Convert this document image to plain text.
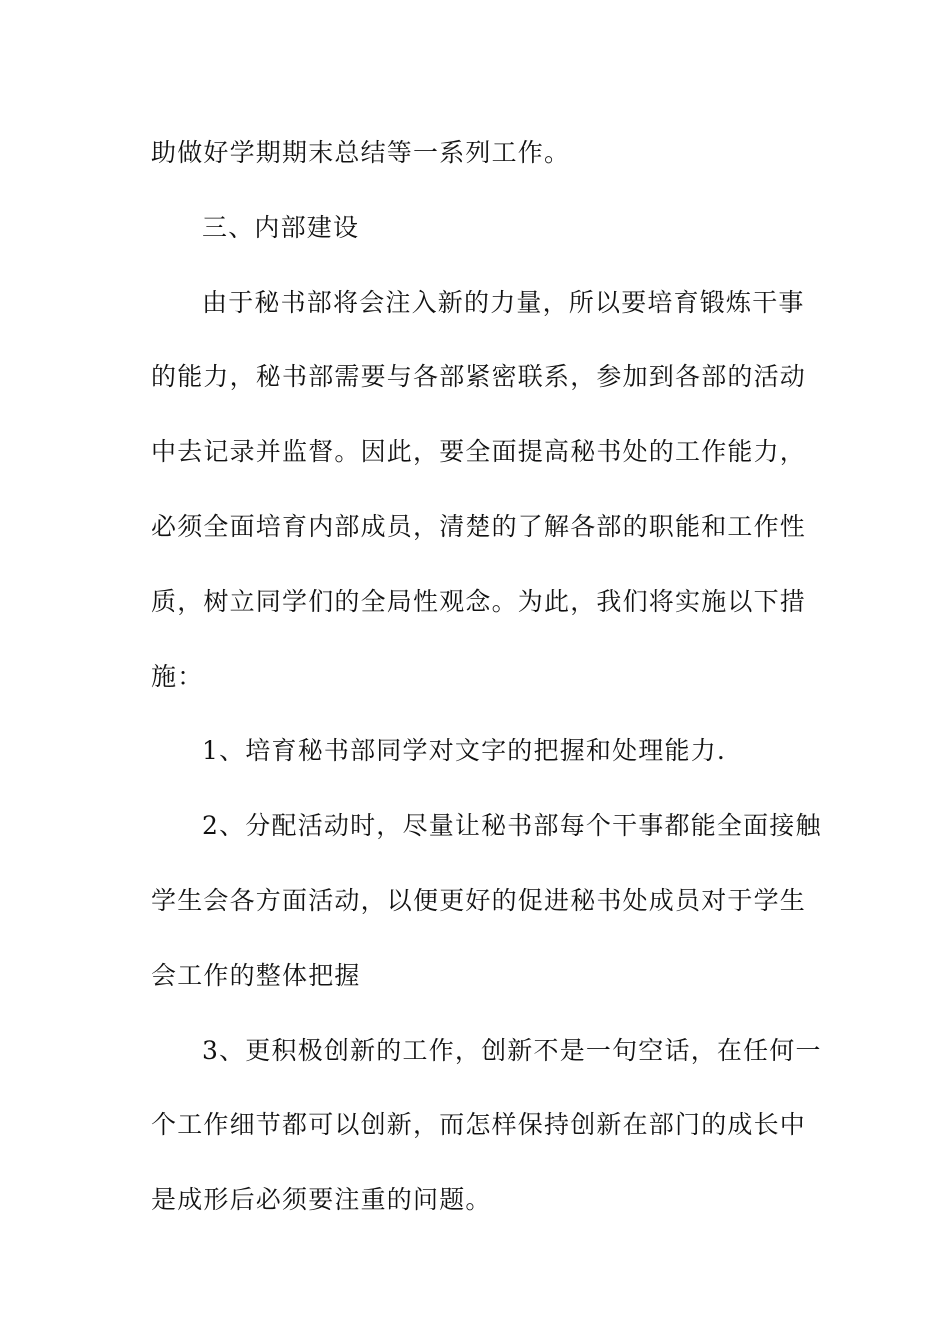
助做好学期期末总结等一系列工作。
三、内部建设
由于秘书部将会注入新的力量，所以要培育锻炼干事
的能力，秘书部需要与各部紧密联系，参加到各部的活动
中去记录并监督。因此，要全面提高秘书处的工作能力，
必须全面培育内部成员，清楚的了解各部的职能和工作性
质，树立同学们的全局性观念。为此，我们将实施以下措
施：
1、培育秘书部同学对文字的把握和处理能力.
2、分配活动时，尽量让秘书部每个干事都能全面接触
学生会各方面活动，以便更好的促进秘书处成员对于学生
会工作的整体把握
3、更积极创新的工作，创新不是一句空话，在任何一
个工作细节都可以创新，而怎样保持创新在部门的成长中
是成形后必须要注重的问题。
